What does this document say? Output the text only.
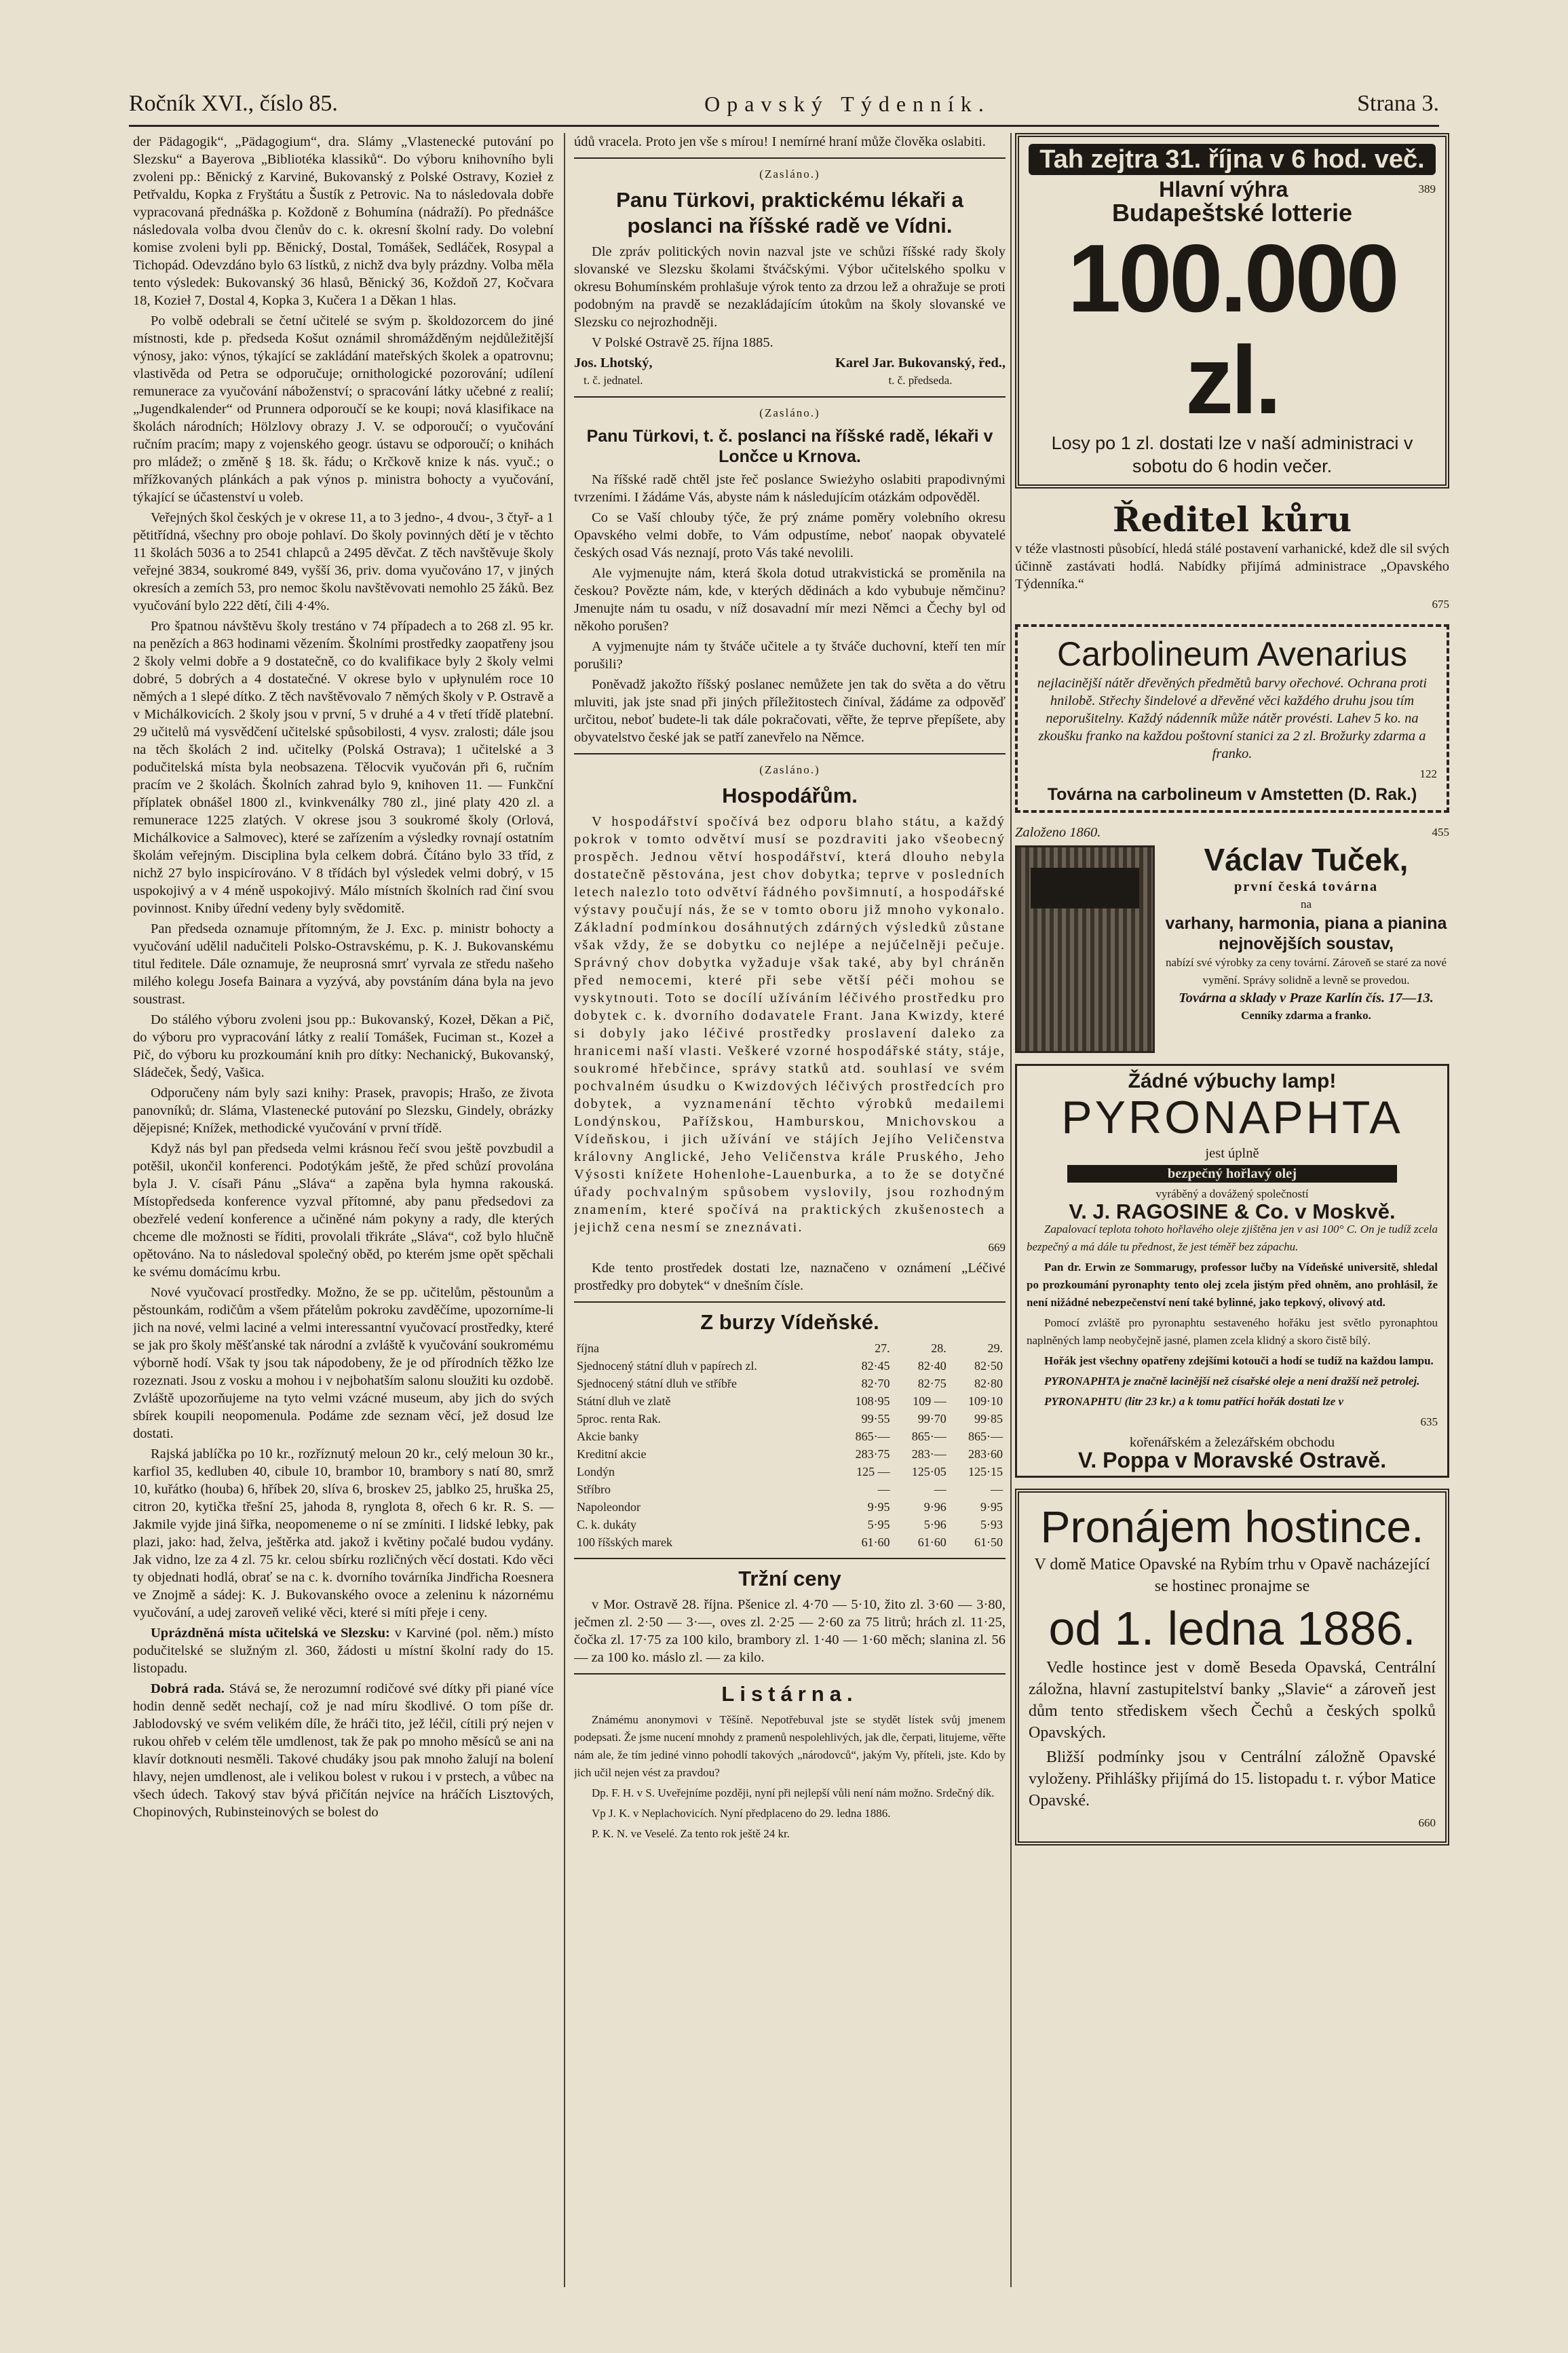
Ročník XVI., číslo 85.	Opavský Týdenník.	Strana 3.

der Pädagogik“, „Pädagogium“, dra. Slámy „Vlastenecké putování po Slezsku“ a Bayerova „Bibliotéka klassiků“. Do výboru knihovního byli zvoleni pp.: Běnický z Karviné, Bukovanský z Polské Ostravy, Kozieł z Petřvaldu, Kopka z Fryštátu a Šustík z Petrovic. Na to následovala dobře vypracovaná přednáška p. Koždoně z Bohumína (nádraží). Po přednášce následovala volba dvou členův do c. k. okresní školní rady. Do volební komise zvoleni byli pp. Běnický, Dostal, Tomášek, Sedláček, Rosypal a Tichopád. Odevzdáno bylo 63 lístků, z nichž dva byly prázdny. Volba měla tento výsledek: Bukovanský 36 hlasů, Běnický 36, Koždoň 27, Kočvara 18, Kozieł 7, Dostal 4, Kopka 3, Kučera 1 a Děkan 1 hlas.

Po volbě odebrali se četní učitelé se svým p. školdozorcem do jiné místnosti, kde p. předseda Košut oznámil shromážděným nejdůležitější výnosy, jako: výnos, týkající se zakládání mateřských školek a opatrovnu; vlastivěda od Petra se odporučuje; ornithologické pozorování; udílení remunerace za vyučování náboženství; o spracování látky učebné z realií; „Jugendkalender“ od Prunnera odporoučí se ke koupi; nová klasifikace na školách národních; Hölzlovy obrazy J. V. se odporoučí; o vyučování ručním pracím; mapy z vojenského geogr. ústavu se odporoučí; o knihách pro mládež; o změně § 18. šk. řádu; o Krčkově knize k nás. vyuč.; o mřížkovaných plánkách a pak výnos p. ministra bohocty a vyučování, týkající se účastenství u voleb.

Veřejných škol českých je v okrese 11, a to 3 jedno-, 4 dvou-, 3 čtyř- a 1 pětitřídná, všechny pro oboje pohlaví. Do školy povinných dětí je v těchto 11 školách 5036 a to 2541 chlapců a 2495 děvčat. Z těch navštěvuje školy veřejné 3834, soukromé 849, vyšší 36, priv. doma vyučováno 17, v jiných okresích a zemích 53, pro nemoc školu navštěvovati nemohlo 25 žáků. Bez vyučování bylo 222 dětí, čili 4·4%.

Pro špatnou návštěvu školy trestáno v 74 případech a to 268 zl. 95 kr. na penězích a 863 hodinami vězením. Školními prostředky zaopatřeny jsou 2 školy velmi dobře a 9 dostatečně, co do kvalifikace byly 2 školy velmi dobré, 5 dobrých a 4 dostatečné. V okrese bylo v upłynulém roce 10 němých a 1 slepé dítko. Z těch navštěvovalo 7 němých školy v P. Ostravě a v Michálkovicích. 2 školy jsou v první, 5 v druhé a 4 v třetí třídě platební. 29 učitelů má vysvědčení učitelské spůsobilosti, 4 vysv. zralosti; dále jsou na těch školách 2 ind. učitelky (Polská Ostrava); 1 učitelské a 3 podučitelská místa byla neobsazena. Tělocvik vyučován při 6, ručním pracím ve 2 školách. Školních zahrad bylo 9, knihoven 11. — Funkční příplatek obnášel 1800 zl., kvinkvenálky 780 zl., jiné platy 420 zl. a remunerace 1225 zlatých. V okrese jsou 3 soukromé školy (Orlová, Michálkovice a Salmovec), které se zařízením a výsledky rovnají ostatním školám veřejným. Disciplina byla celkem dobrá. Čítáno bylo 33 tříd, z nichž 27 bylo inspicírováno. V 8 třídách byl výsledek velmi dobrý, v 15 uspokojivý a v 4 méně uspokojivý. Málo místních školních rad činí svou povinnost. Kniby úřední vedeny byly svědomitě.

Pan předseda oznamuje přítomným, že J. Exc. p. ministr bohocty a vyučování udělil nadučiteli Polsko-Ostravskému, p. K. J. Bukovanskému titul ředitele. Dále oznamuje, že neuprosná smrť vyrvala ze středu našeho milého kolegu Josefa Bainara a vyzývá, aby povstáním dána byla na jevo soustrast.

Do stálého výboru zvoleni jsou pp.: Bukovanský, Kozeł, Děkan a Pič, do výboru pro vypracování látky z realií Tomášek, Fuciman st., Kozeł a Pič, do výboru ku prozkoumání knih pro dítky: Nechanický, Bukovanský, Sládeček, Šedý, Vašica.

Odporučeny nám byly sazi knihy: Prasek, pravopis; Hrašo, ze života panovníků; dr. Sláma, Vlastenecké putování po Slezsku, Gindely, obrázky dějepisné; Knížek, methodické vyučování v první třídě.

Když nás byl pan předseda velmi krásnou řečí svou ještě povzbudil a potěšil, ukončil konferenci. Podotýkám ještě, že před schůzí provolána byla J. V. císaři Pánu „Sláva“ a zapěna byla hymna rakouská. Místopředseda konference vyzval přítomné, aby panu předsedovi za obezřelé vedení konference a učiněné nám pokyny a rady, dle kterých chceme dle možnosti se říditi, provolali třikráte „Sláva“, což bylo hlučně opětováno. Na to následoval společný oběd, po kterém jsme opět spěchali ke svému domácímu krbu.

Nové vyučovací prostředky. Možno, že se pp. učitelům, pěstounům a pěstounkám, rodičům a všem přátelům pokroku zavděčíme, upozorníme-li jich na nové, velmi laciné a velmi interessantní vyučovací prostředky, které se jak pro školy měšťanské tak národní a zvláště k vyučování soukromému výborně hodí. Však ty jsou tak nápodobeny, že je od přírodních těžko lze rozeznati. Jsou z vosku a mohou i v nejbohatším salonu sloužiti ku ozdobě. Zvláště upozorňujeme na tyto velmi vzácné museum, aby jich do svých sbírek koupili neopomenula. Podáme zde seznam věcí, jež dosud lze dostati.

Rajská jablíčka po 10 kr., rozříznutý meloun 20 kr., celý meloun 30 kr., karfiol 35, kedluben 40, cibule 10, brambor 10, brambory s natí 80, smrž 10, kuřátko (houba) 6, hříbek 20, slíva 6, broskev 25, jablko 25, hruška 25, citron 20, kytička třešní 25, jahoda 8, rynglota 8, ořech 6 kr. R. S. — Jakmile vyjde jiná šiřka, neopomeneme o ní se zmíniti. I lidské lebky, pak plazi, jako: had, želva, ještěrka atd. jakož i květiny počalé budou vydány. Jak vidno, lze za 4 zl. 75 kr. celou sbírku rozličných věcí dostati. Kdo věci ty objednati hodlá, obrať se na c. k. dvorního továrníka Jindřicha Roesnera ve Znojmě a sádej: K. J. Bukovanského ovoce a zeleninu k názornému vyučování, a udej zaroveň veliké věci, které si míti přeje i ceny.

Uprázdněná místa učitelská ve Slezsku: v Karviné (pol. něm.) místo podučitelské se služným zl. 360, žádosti u místní školní rady do 15. listopadu.

Dobrá rada. Stává se, že nerozumní rodičové své dítky při piané více hodin denně sedět nechají, což je nad míru škodlivé. O tom píše dr. Jablodovský ve svém velikém díle, že hráči tito, jež léčil, cítili prý nejen v rukou ohřeb v celém těle umdlenost, tak že pak po mnoho měsíců se ani na klavír dotknouti nesměli. Takové chudáky jsou pak mnoho žalují na bolení hlavy, nejen umdlenost, ale i velikou bolest v rukou i v prstech, a vůbec na všech údech. Takový stav bývá přičítán nejvíce na hráčích Lisztových, Chopinových, Rubinsteinových se bolest do

údů vracela. Proto jen vše s mírou! I nemírné hraní může člověka oslabiti.

(Zasláno.)

Panu Türkovi, praktickému lékaři a poslanci na říšské radě ve Vídni.

Dle zpráv politických novin nazval jste ve schůzi říšské rady školy slovanské ve Slezsku školami štváčskými. Výbor učitelského spolku v okresu Bohumínském prohlašuje výrok tento za drzou lež a ohražuje se proti podobným na pravdě se nezakládajícím útokům na školy slovanské ve Slezsku co nejrozhodněji.

V Polské Ostravě 25. října 1885.

Jos. Lhotský,
t. č. jednatel.
Karel Jar. Bukovanský, řed.,
t. č. předseda.

(Zasláno.)

Panu Türkovi, t. č. poslanci na říšské radě, lékaři v Lončce u Krnova.

Na říšské radě chtěl jste řeč poslance Swieżyho oslabiti prapodivnými tvrzeními. I žádáme Vás, abyste nám k následujícím otázkám odpověděl.

Co se Vaší chlouby týče, že prý známe poměry volebního okresu Opavského velmi dobře, to Vám odpustíme, neboť naopak obyvatelé českých osad Vás neznají, proto Vás také nevolili.

Ale vyjmenujte nám, která škola dotud utrakvistická se proměnila na českou? Povězte nám, kde, v kterých dědinách a kdo vybubuje němčinu? Jmenujte nám tu osadu, v níž dosavadní mír mezi Němci a Čechy byl od někoho porušen?

A vyjmenujte nám ty štváče učitele a ty štváče duchovní, kteří ten mír porušili?

Poněvadž jakožto říšský poslanec nemůžete jen tak do světa a do větru mluviti, jak jste snad při jiných příležitostech činíval, žádáme za odpověď určitou, neboť budete-li tak dále pokračovati, věřte, že teprve přepíšete, aby obyvatelstvo české jak se patří zanevřelo na Němce.

(Zasláno.)

Hospodářům.

V hospodářství spočívá bez odporu blaho státu, a každý pokrok v tomto odvětví musí se pozdraviti jako všeobecný prospěch. Jednou větví hospodářství, která dlouho nebyla dostatečně pěstována, jest chov dobytka; teprve v posledních letech nalezlo toto odvětví řádného povšimnutí, a hospodářské výstavy poučují nás, že se v tomto oboru již mnoho vykonalo. Základní podmínkou dosáhnutých zdárných výsledků zůstane však vždy, že se dobytku co nejlépe a nejúčelněji pečuje. Správný chov dobytka vyžaduje však také, aby byl chráněn před nemocemi, které při sebe větší péči mohou se vyskytnouti. Toto se docílí užíváním léčivého prostředku pro dobytek c. k. dvorního dodavatele Frant. Jana Kwizdy, které si dobyly jako léčivé prostředky proslavení daleko za hranicemi naší vlasti. Veškeré vzorné hospodářské státy, stáje, soukromé hřebčince, správy statků atd. souhlasí ve svém pochvalném úsudku o Kwizdových léčivých prostředcích pro dobytek, a vyznamenání těchto výrobků medailemi Londýnskou, Pařížskou, Hamburskou, Mnichovskou a Vídeňskou, i jich užívání ve stájích Jejího Veličenstva královny Anglické, Jeho Veličenstva krále Pruského, Jeho Výsosti knížete Hohenlohe-Lauenburka, a to že se dotyčné úřady pochvalným spůsobem vyslovily, jsou rozhodným znamením, které spočívá na praktických zkušenostech a jejichž cena nesmí se zneznávati.

669

Kde tento prostředek dostati lze, naznačeno v oznámení „Léčivé prostředky pro dobytek“ v dnešním čísle.

Z burzy Vídeňské.
října	27.	28.	29.
Sjednocený státní dluh v papírech zl.	82·45	82·40	82·50
Sjednocený státní dluh ve stříbře	82·70	82·75	82·80
Státní dluh ve zlatě	108·95	109 —	109·10
5proc. renta Rak.	99·55	99·70	99·85
Akcie banky	865·—	865·—	865·—
Kreditní akcie	283·75	283·—	283·60
Londýn	125 —	125·05	125·15
Stříbro	—	—	—
Napoleondor	9·95	9·96	9·95
C. k. dukáty	5·95	5·96	5·93
100 říšských marek	61·60	61·60	61·50
Tržní ceny

v Mor. Ostravě 28. října. Pšenice zl. 4·70 — 5·10, žito zl. 3·60 — 3·80, ječmen zl. 2·50 — 3·—, oves zl. 2·25 — 2·60 za 75 litrů; hrách zl. 11·25, čočka zl. 17·75 za 100 kilo, brambory zl. 1·40 — 1·60 měch; slanina zl. 56 — za 100 ko. máslo zl. — za kilo.

Listárna.

Známému anonymovi v Těšíně. Nepotřebuval jste se stydět lístek svůj jmenem podepsati. Že jsme nucení mnohdy z pramenů nespolehlivých, jak dle, čerpati, litujeme, věřte nám ale, že tím jediné vinno pohodlí takových „národovců“, jakým Vy, příteli, jste. Kdo by jich učil nejen vést za pravdou?

Dp. F. H. v S. Uveřejníme později, nyní při nejlepší vůli není nám možno. Srdečný dík.

Vp J. K. v Neplachovicích. Nyní předplaceno do 29. ledna 1886.

P. K. N. ve Veselé. Za tento rok ještě 24 kr.

Tah zejtra 31. října v 6 hod. več.
Hlavní výhra	389
Budapeštské lotterie
100.000 zl.
Losy po 1 zl. dostati lze v naší administraci v sobotu do 6 hodin večer.
Ředitel kůru

v téže vlastnosti působící, hledá stálé postavení varhanické, kdež dle sil svých účinně zastávati hodlá. Nabídky přijímá administrace „Opavského Týdenníka.“

675

Carbolineum Avenarius

nejlacinější nátěr dřevěných předmětů barvy ořechové. Ochrana proti hnilobě. Střechy šindelové a dřevěné věci každého druhu jsou tím neporušitelny. Každý nádenník může nátěr provésti. Lahev 5 ko. na zkoušku franko na každou poštovní stanici za 2 zl. Brožurky zdarma a franko.

122

Továrna na carbolineum v Amstetten (D. Rak.)
Založeno 1860.	455
Václav Tuček,
první česká továrna
na
varhany, harmonia, piana a pianina nejnovějších soustav,
nabízí své výrobky za ceny tovární. Zároveň se staré za nové vymění. Správy solidně a levně se provedou.
Továrna a sklady v Praze Karlín čís. 17—13.
Cenníky zdarma a franko.
Žádné výbuchy lamp!
PYRONAPHTA
jest úplně
bezpečný hořlavý olej
vyráběný a dovážený společností
V. J. RAGOSINE & Co. v Moskvě.

Zapalovací teplota tohoto hořlavého oleje zjištěna jen v asi 100° C. On je tudíž zcela bezpečný a má dále tu přednost, že jest téměř bez zápachu.

Pan dr. Erwin ze Sommarugy, professor lučby na Vídeňské universitě, shledal po prozkoumání pyronaphty tento olej zcela jistým před ohněm, ano prohlásil, že není nižádné nebezpečenství není také bylinné, jako tepkový, olivový atd.

Pomocí zvláště pro pyronaphtu sestaveného hořáku jest světlo pyronaphtou naplněných lamp neobyčejně jasné, plamen zcela klidný a skoro čistě bílý.

Hořák jest všechny opatřeny zdejšími kotouči a hodí se tudíž na každou lampu.

PYRONAPHTA je značně lacinější než císařské oleje a není dražší než petrolej.

PYRONAPHTU (litr 23 kr.) a k tomu patřící hořák dostati lze v

635

kořenářském a železářském obchodu
V. Poppa v Moravské Ostravě.
Pronájem hostince.

V domě Matice Opavské na Rybím trhu v Opavě nacházející se hostinec pronajme se

od 1. ledna 1886.

Vedle hostince jest v domě Beseda Opavská, Centrální záložna, hlavní zastupitelství banky „Slavie“ a zároveň jest dům tento střediskem všech Čechů a českých spolků Opavských.

Bližší podmínky jsou v Centrální záložně Opavské vyloženy. Přihlášky přijímá do 15. listopadu t. r. výbor Matice Opavské.

660
